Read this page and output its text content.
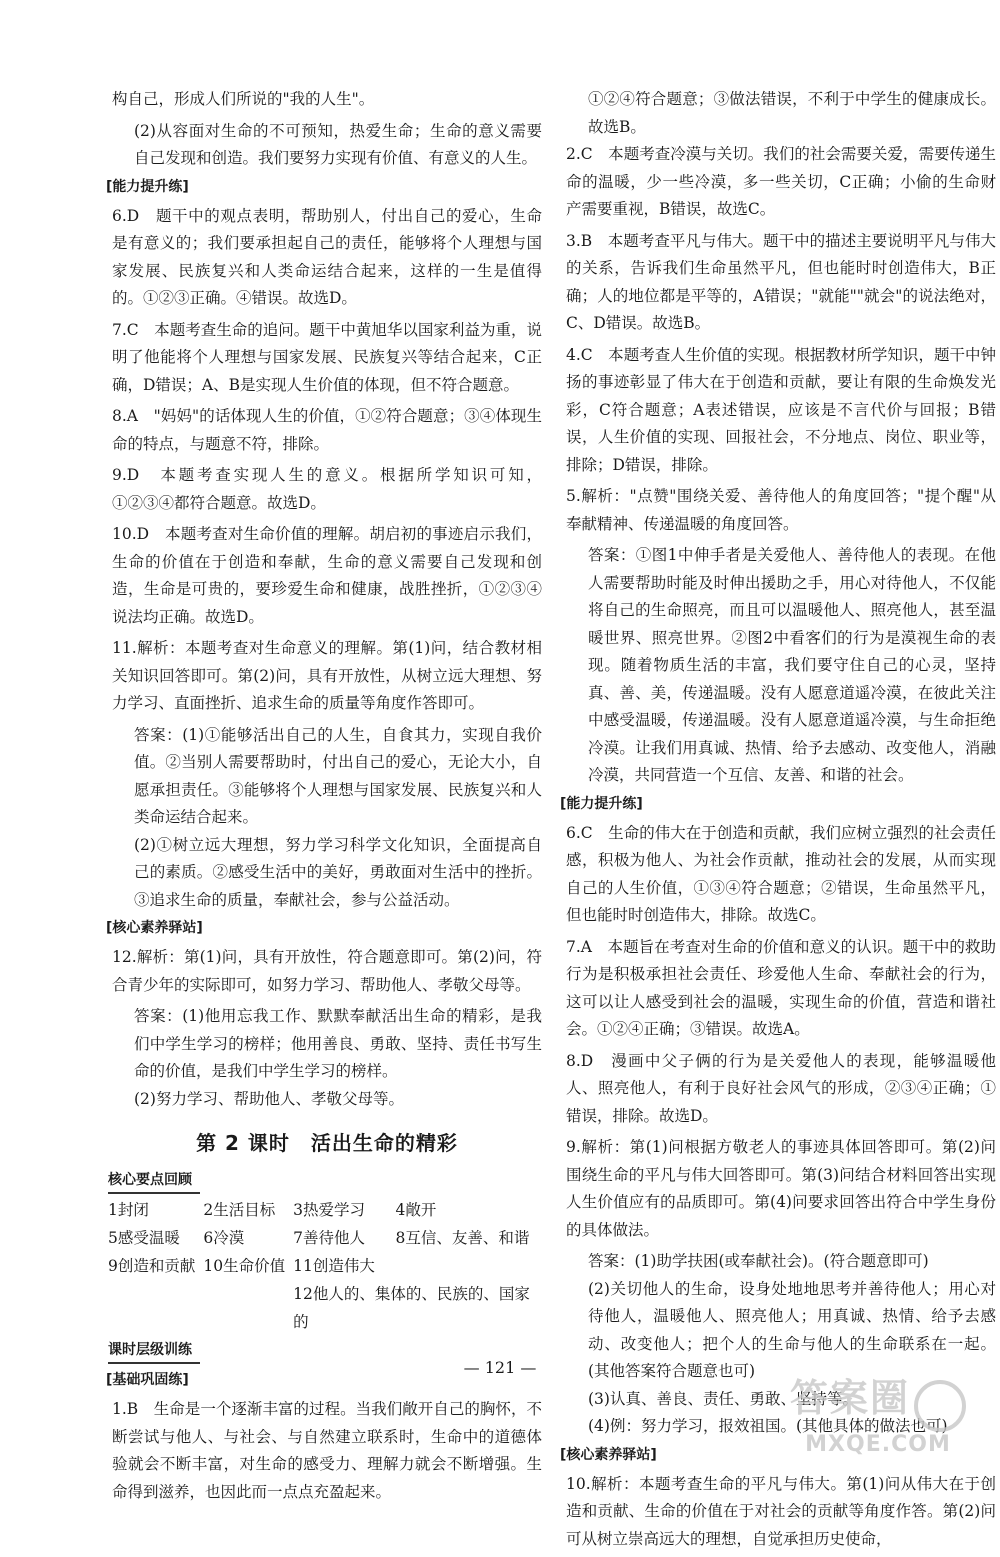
构自己，形成人们所说的"我的人生"。

(2)从容面对生命的不可预知，热爱生命；生命的意义需要自己发现和创造。我们要努力实现有价值、有意义的人生。

[能力提升练]

6.D　题干中的观点表明，帮助别人，付出自己的爱心，生命是有意义的；我们要承担起自己的责任，能够将个人理想与国家发展、民族复兴和人类命运结合起来，这样的一生是值得的。①②③正确。④错误。故选D。

7.C　本题考查生命的追问。题干中黄旭华以国家利益为重，说明了他能将个人理想与国家发展、民族复兴等结合起来，C正确，D错误；A、B是实现人生价值的体现，但不符合题意。

8.A　"妈妈"的话体现人生的价值，①②符合题意；③④体现生命的特点，与题意不符，排除。

9.D　本题考查实现人生的意义。根据所学知识可知，①②③④都符合题意。故选D。

10.D　本题考查对生命价值的理解。胡启初的事迹启示我们，生命的价值在于创造和奉献，生命的意义需要自己发现和创造，生命是可贵的，要珍爱生命和健康，战胜挫折，①②③④说法均正确。故选D。

11.解析：本题考查对生命意义的理解。第(1)问，结合教材相关知识回答即可。第(2)问，具有开放性，从树立远大理想、努力学习、直面挫折、追求生命的质量等角度作答即可。

答案：(1)①能够活出自己的人生，自食其力，实现自我价值。②当别人需要帮助时，付出自己的爱心，无论大小，自愿承担责任。③能够将个人理想与国家发展、民族复兴和人类命运结合起来。

(2)①树立远大理想，努力学习科学文化知识，全面提高自己的素质。②感受生活中的美好，勇敢面对生活中的挫折。③追求生命的质量，奉献社会，参与公益活动。

[核心素养驿站]

12.解析：第(1)问，具有开放性，符合题意即可。第(2)问，符合青少年的实际即可，如努力学习、帮助他人、孝敬父母等。

答案：(1)他用忘我工作、默默奉献活出生命的精彩，是我们中学生学习的榜样；他用善良、勇敢、坚持、责任书写生命的价值，是我们中学生学习的榜样。

(2)努力学习、帮助他人、孝敬父母等。

第 2 课时　活出生命的精彩
核心要点回顾
1封闭	2生活目标	3热爱学习	4敞开
5感受温暖	6冷漠	7善待他人	8互信、友善、和谐
9创造和贡献 10生命价值 11创造伟大
12他人的、集体的、民族的、国家的
课时层级训练
[基础巩固练]

1.B　生命是一个逐渐丰富的过程。当我们敞开自己的胸怀，不断尝试与他人、与社会、与自然建立联系时，生命中的道德体验就会不断丰富，对生命的感受力、理解力就会不断增强。生命得到滋养，也因此而一点点充盈起来。

①②④符合题意；③做法错误，不利于中学生的健康成长。故选B。

2.C　本题考查冷漠与关切。我们的社会需要关爱，需要传递生命的温暖，少一些冷漠，多一些关切，C正确；小偷的生命财产需要重视，B错误，故选C。

3.B　本题考查平凡与伟大。题干中的描述主要说明平凡与伟大的关系，告诉我们生命虽然平凡，但也能时时创造伟大，B正确；人的地位都是平等的，A错误；"就能""就会"的说法绝对，C、D错误。故选B。

4.C　本题考查人生价值的实现。根据教材所学知识，题干中钟扬的事迹彰显了伟大在于创造和贡献，要让有限的生命焕发光彩，C符合题意；A表述错误，应该是不言代价与回报；B错误，人生价值的实现、回报社会，不分地点、岗位、职业等，排除；D错误，排除。

5.解析："点赞"围绕关爱、善待他人的角度回答；"提个醒"从奉献精神、传递温暖的角度回答。

答案：①图1中伸手者是关爱他人、善待他人的表现。在他人需要帮助时能及时伸出援助之手，用心对待他人，不仅能将自己的生命照亮，而且可以温暖他人、照亮他人，甚至温暖世界、照亮世界。②图2中看客们的行为是漠视生命的表现。随着物质生活的丰富，我们要守住自己的心灵，坚持真、善、美，传递温暖。没有人愿意道遥冷漠，在彼此关注中感受温暖，传递温暖。没有人愿意道遥冷漠，与生命拒绝冷漠。让我们用真诚、热情、给予去感动、改变他人，消融冷漠，共同营造一个互信、友善、和谐的社会。

[能力提升练]

6.C　生命的伟大在于创造和贡献，我们应树立强烈的社会责任感，积极为他人、为社会作贡献，推动社会的发展，从而实现自己的人生价值，①③④符合题意；②错误，生命虽然平凡，但也能时时创造伟大，排除。故选C。

7.A　本题旨在考查对生命的价值和意义的认识。题干中的救助行为是积极承担社会责任、珍爱他人生命、奉献社会的行为，这可以让人感受到社会的温暖，实现生命的价值，营造和谐社会。①②④正确；③错误。故选A。

8.D　漫画中父子俩的行为是关爱他人的表现，能够温暖他人、照亮他人，有利于良好社会风气的形成，②③④正确；①错误，排除。故选D。

9.解析：第(1)问根据方敬老人的事迹具体回答即可。第(2)问围绕生命的平凡与伟大回答即可。第(3)问结合材料回答出实现人生价值应有的品质即可。第(4)问要求回答出符合中学生身份的具体做法。

答案：(1)助学扶困(或奉献社会)。(符合题意即可)

(2)关切他人的生命，设身处地地思考并善待他人；用心对待他人，温暖他人、照亮他人；用真诚、热情、给予去感动、改变他人；把个人的生命与他人的生命联系在一起。(其他答案符合题意也可)

(3)认真、善良、责任、勇敢、坚持等。

(4)例：努力学习，报效祖国。(其他具体的做法也可)

[核心素养驿站]

10.解析：本题考查生命的平凡与伟大。第(1)问从伟大在于创造和贡献、生命的价值在于对社会的贡献等角度作答。第(2)问可从树立崇高远大的理想，自觉承担历史使命，

— 121 —
答案圈
MXQE.COM
